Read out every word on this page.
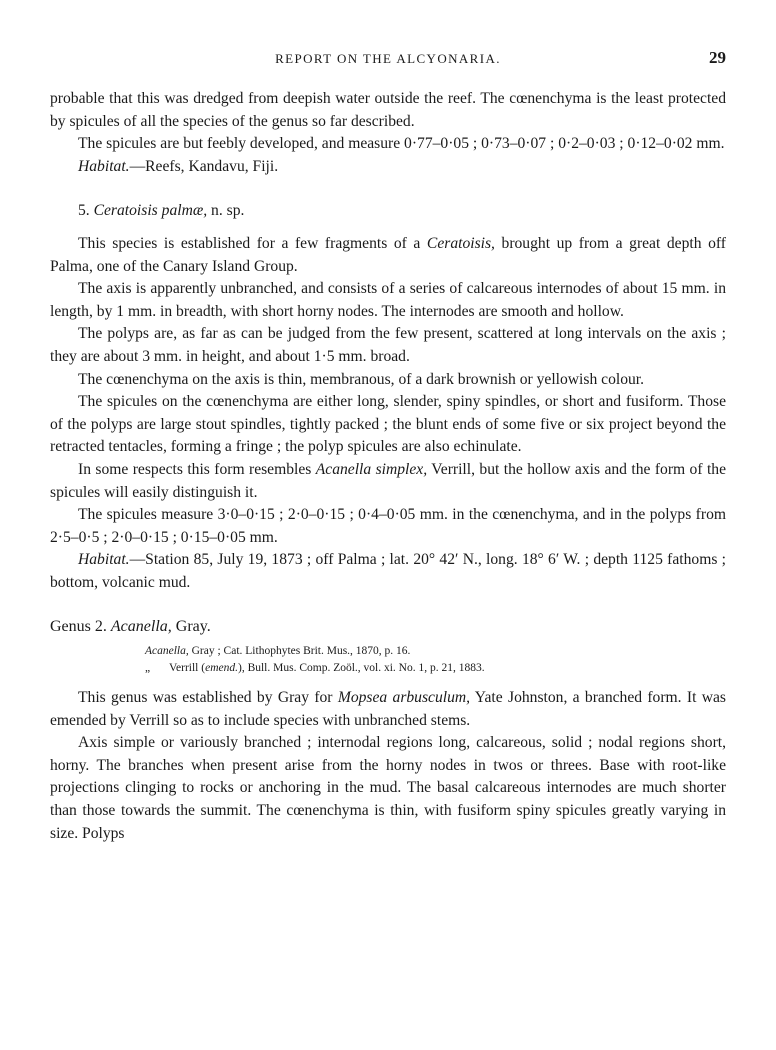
REPORT ON THE ALCYONARIA.	29

probable that this was dredged from deepish water outside the reef. The cœnenchyma is the least protected by spicules of all the species of the genus so far described.

The spicules are but feebly developed, and measure 0·77–0·05 ; 0·73–0·07 ; 0·2–0·03 ; 0·12–0·02 mm.

Habitat.—Reefs, Kandavu, Fiji.

5. Ceratoisis palmæ, n. sp.

This species is established for a few fragments of a Ceratoisis, brought up from a great depth off Palma, one of the Canary Island Group.

The axis is apparently unbranched, and consists of a series of calcareous internodes of about 15 mm. in length, by 1 mm. in breadth, with short horny nodes. The internodes are smooth and hollow.

The polyps are, as far as can be judged from the few present, scattered at long intervals on the axis ; they are about 3 mm. in height, and about 1·5 mm. broad.

The cœnenchyma on the axis is thin, membranous, of a dark brownish or yellowish colour.

The spicules on the cœnenchyma are either long, slender, spiny spindles, or short and fusiform. Those of the polyps are large stout spindles, tightly packed ; the blunt ends of some five or six project beyond the retracted tentacles, forming a fringe ; the polyp spicules are also echinulate.

In some respects this form resembles Acanella simplex, Verrill, but the hollow axis and the form of the spicules will easily distinguish it.

The spicules measure 3·0–0·15 ; 2·0–0·15 ; 0·4–0·05 mm. in the cœnenchyma, and in the polyps from 2·5–0·5 ; 2·0–0·15 ; 0·15–0·05 mm.

Habitat.—Station 85, July 19, 1873 ; off Palma ; lat. 20° 42′ N., long. 18° 6′ W. ; depth 1125 fathoms ; bottom, volcanic mud.

Genus 2. Acanella, Gray.

Acanella, Gray ; Cat. Lithophytes Brit. Mus., 1870, p. 16.
„ Verrill (emend.), Bull. Mus. Comp. Zoöl., vol. xi. No. 1, p. 21, 1883.

This genus was established by Gray for Mopsea arbusculum, Yate Johnston, a branched form. It was emended by Verrill so as to include species with unbranched stems.

Axis simple or variously branched ; internodal regions long, calcareous, solid ; nodal regions short, horny. The branches when present arise from the horny nodes in twos or threes. Base with root-like projections clinging to rocks or anchoring in the mud. The basal calcareous internodes are much shorter than those towards the summit. The cœnenchyma is thin, with fusiform spiny spicules greatly varying in size. Polyps
